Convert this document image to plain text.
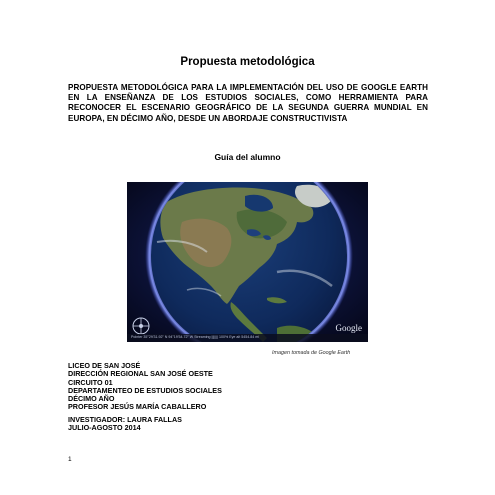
Propuesta metodológica
PROPUESTA METODOLÓGICA PARA LA IMPLEMENTACIÓN DEL USO DE GOOGLE EARTH EN LA ENSEÑANZA DE LOS ESTUDIOS SOCIALES, COMO HERRAMIENTA PARA RECONOCER EL ESCENARIO GEOGRÁFICO DE LA SEGUNDA GUERRA MUNDIAL EN EUROPA, EN DÉCIMO AÑO, DESDE UN ABORDAJE CONSTRUCTIVISTA
Guía del alumno
Google
Pointer 35°29'31.92" N 94°19'54.72" W Streaming ||||||| 100% Eye alt 5454.84 mi
Imagen tomada de Google Earth
LICEO DE SAN JOSÉ
DIRECCIÓN REGIONAL SAN JOSÉ OESTE
CIRCUITO 01
DEPARTAMENTEO DE ESTUDIOS SOCIALES
DÉCIMO AÑO
PROFESOR JESÚS MARÍA CABALLERO
INVESTIGADOR: LAURA FALLAS
JULIO-AGOSTO 2014
1
